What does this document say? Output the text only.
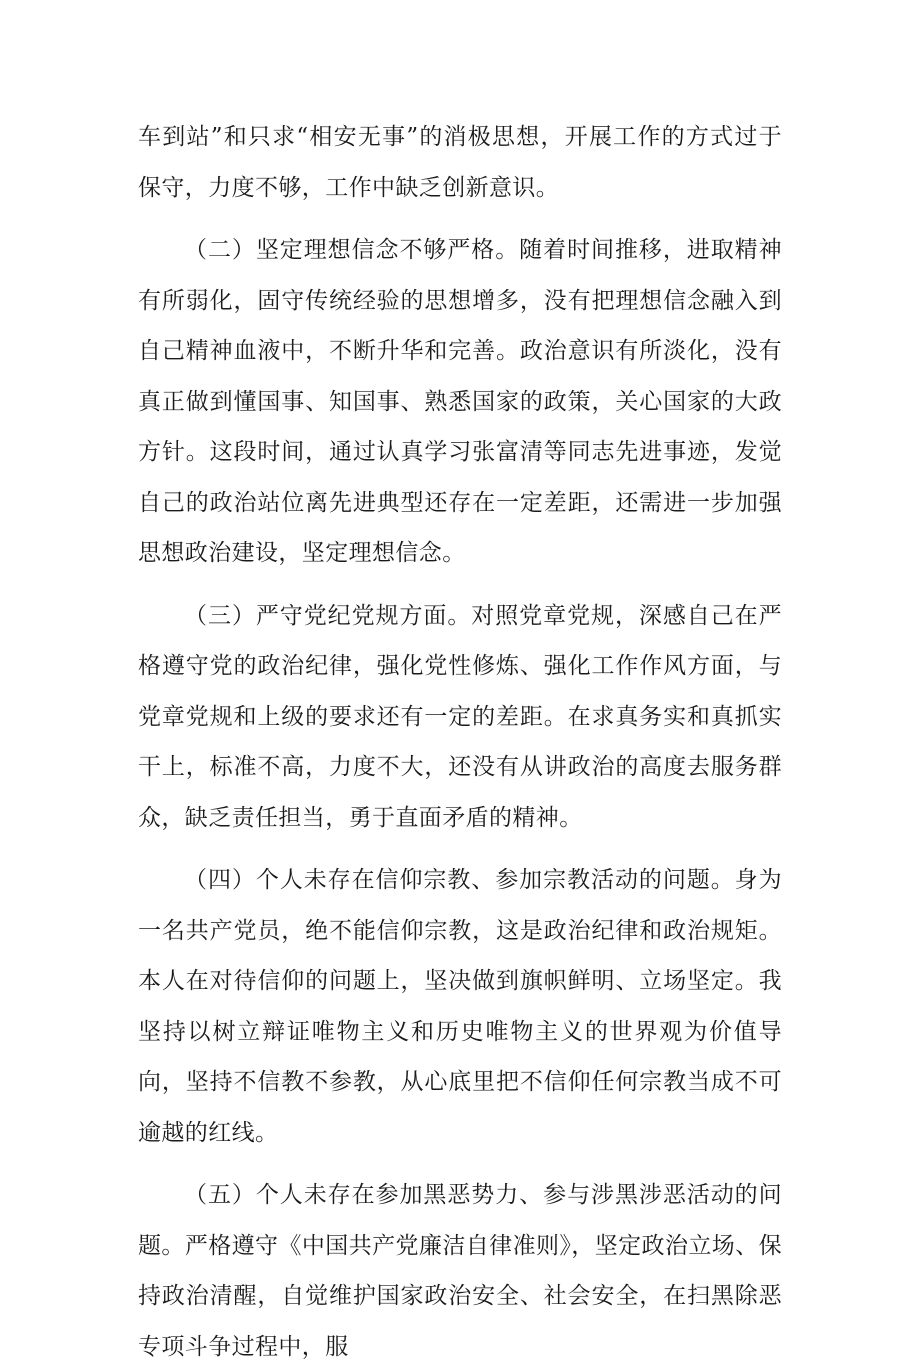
车到站”和只求“相安无事”的消极思想，开展工作的方式过于保守，力度不够，工作中缺乏创新意识。

（二）坚定理想信念不够严格。随着时间推移，进取精神有所弱化，固守传统经验的思想增多，没有把理想信念融入到自己精神血液中，不断升华和完善。政治意识有所淡化，没有真正做到懂国事、知国事、熟悉国家的政策，关心国家的大政方针。这段时间，通过认真学习张富清等同志先进事迹，发觉自己的政治站位离先进典型还存在一定差距，还需进一步加强思想政治建设，坚定理想信念。

（三）严守党纪党规方面。对照党章党规，深感自己在严格遵守党的政治纪律，强化党性修炼、强化工作作风方面，与党章党规和上级的要求还有一定的差距。在求真务实和真抓实干上，标准不高，力度不大，还没有从讲政治的高度去服务群众，缺乏责任担当，勇于直面矛盾的精神。

（四）个人未存在信仰宗教、参加宗教活动的问题。身为一名共产党员，绝不能信仰宗教，这是政治纪律和政治规矩。本人在对待信仰的问题上，坚决做到旗帜鲜明、立场坚定。我坚持以树立辩证唯物主义和历史唯物主义的世界观为价值导向，坚持不信教不参教，从心底里把不信仰任何宗教当成不可逾越的红线。

（五）个人未存在参加黑恶势力、参与涉黑涉恶活动的问题。严格遵守《中国共产党廉洁自律准则》，坚定政治立场、保持政治清醒，自觉维护国家政治安全、社会安全，在扫黑除恶专项斗争过程中，服
